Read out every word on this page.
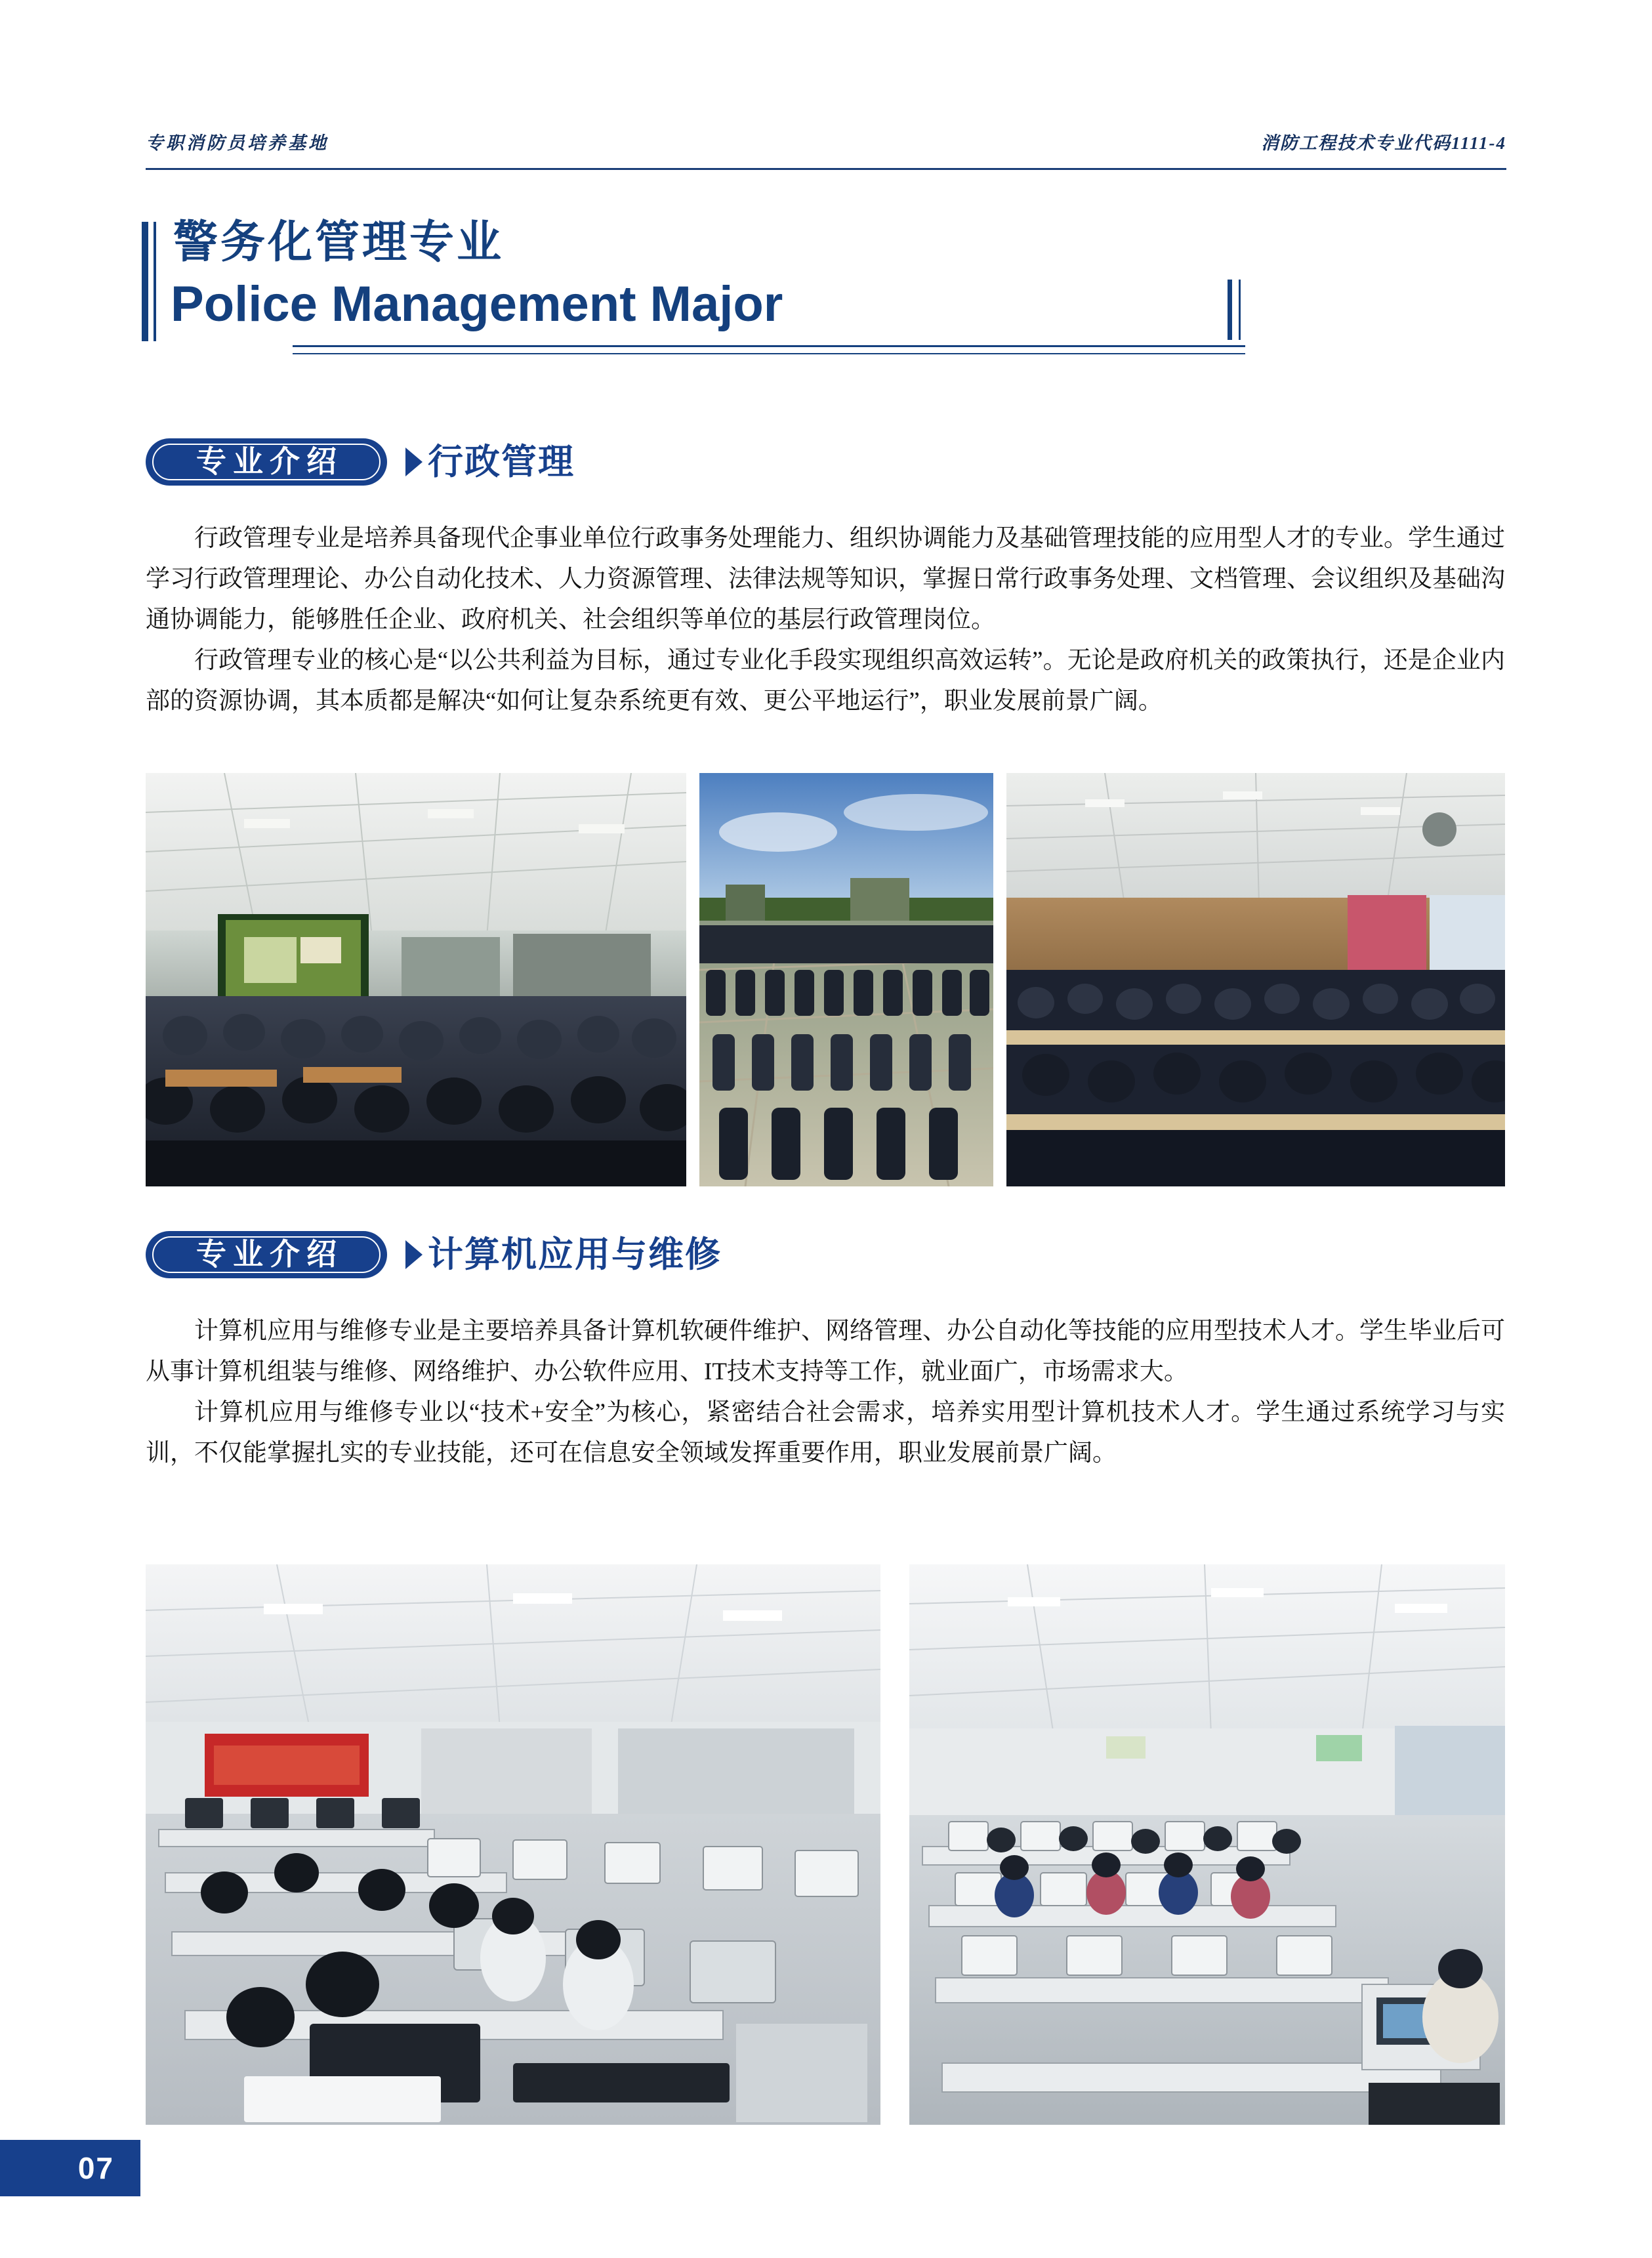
专职消防员培养基地	消防工程技术专业代码1111-4
警务化管理专业
Police Management Major
专业介绍	行政管理

行政管理专业是培养具备现代企事业单位行政事务处理能力、组织协调能力及基础管理技能的应用型人才的专业。学生通过学习行政管理理论、办公自动化技术、人力资源管理、法律法规等知识，掌握日常行政事务处理、文档管理、会议组织及基础沟通协调能力，能够胜任企业、政府机关、社会组织等单位的基层行政管理岗位。

行政管理专业的核心是“以公共利益为目标，通过专业化手段实现组织高效运转”。无论是政府机关的政策执行，还是企业内部的资源协调，其本质都是解决“如何让复杂系统更有效、更公平地运行”，职业发展前景广阔。

专业介绍	计算机应用与维修

计算机应用与维修专业是主要培养具备计算机软硬件维护、网络管理、办公自动化等技能的应用型技术人才。学生毕业后可从事计算机组装与维修、网络维护、办公软件应用、IT技术支持等工作，就业面广，市场需求大。

计算机应用与维修专业以“技术+安全”为核心，紧密结合社会需求，培养实用型计算机技术人才。学生通过系统学习与实训，不仅能掌握扎实的专业技能，还可在信息安全领域发挥重要作用，职业发展前景广阔。

07
